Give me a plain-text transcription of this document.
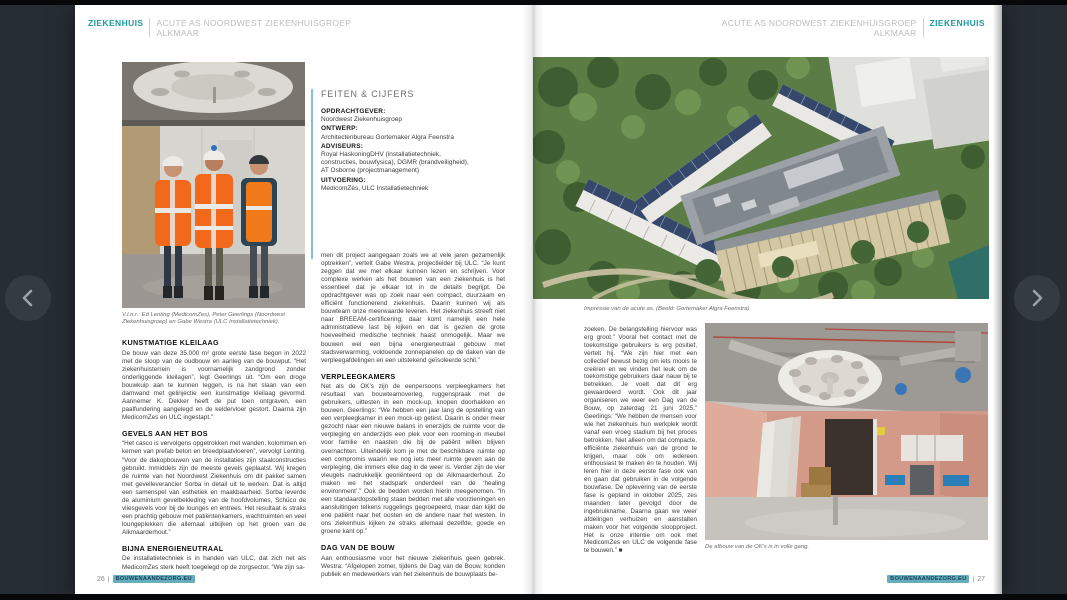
ZIEKENHUIS ACUTE AS NOORDWEST ZIEKENHUISGROEP
ALKMAAR
V.l.n.r.: Ed Lenting (MedicomZes), Peter Geerlings (Noordwest Ziekenhuisgroep) en Gabe Westra (ULC Installatietechniek).
FEITEN & CIJFERS
OPDRACHTGEVER:
Noordwest Ziekenhuisgroep
ONTWERP:
Architectenbureau Gortemaker Algra Feenstra
ADVISEURS:
Royal HaskoningDHV (installatietechniek, constructies, bouwfysica), DGMR (brandveiligheid), AT Osborne (projectmanagement)
UITVOERING:
MedicomZes, ULC Installatietechniek
KUNSTMATIGE KLEILAAG
De bouw van deze 35.000 m² grote eerste fase begon in 2022 met de sloop van de oudbouw en aanleg van de bouwput. “Het ziekenhuisterrein is voornamelijk zandgrond zonder onderliggende kleilagen”, legt Geerlings uit. “Om een droge bouwkuip aan te kunnen leggen, is na het slaan van een damwand met gelinjectie een kunstmatige kleilaag gevormd. Aannemer K. Dekker heeft de put toen ontgraven, een paalfundering aangelegd en de keldervloer gestort. Daarna zijn MedicomZes en ULC ingestapt.”
GEVELS AAN HET BOS
“Het casco is vervolgens opgetrokken met wanden, kolommen en kernen van prefab beton en breedplaatvloeren”, vervolgt Lenting. “Voor de dakopbouwen van de installaties zijn staalconstructies gebruikt. Inmiddels zijn de meeste gevels geplaatst. Wij kregen de ruimte van het Noordwest Ziekenhuis om dit pakket samen met gevelleverancier Sorba in detail uit te werken. Dat is altijd een samenspel van esthetiek en maakbaarheid. Sorba leverde de aluminium gevelbekleding van de hoofdvolumes, Schüco de vliesgevels voor bij de lounges en entrees. Het resultaat is straks een prachtig gebouw met patiëntenkamers, wachtruimten en veel loungeplekken die allemaal uitkijken op het groen van de Alkmaarderhout.”
BIJNA ENERGIENEUTRAAL
De installatietechniek is in handen van ULC, dat zich net als MedicomZes sterk heeft toegelegd op de zorgsector. “We zijn sa-
men dit project aangegaan zoals we al vele jaren gezamenlijk optrekken”, vertelt Gabe Westra, projectleider bij ULC. “Je kunt zeggen dat we met elkaar kunnen lezen en schrijven. Voor complexe werken als het bouwen van een ziekenhuis is het essentieel dat je elkaar tot in de details begrijpt. De opdrachtgever was op zoek naar een compact, duurzaam en efficiënt functionerend ziekenhuis. Daarin kunnen wij als bouwteam onze meerwaarde leveren. Het ziekenhuis streeft niet naar BREEAM-certificering; daar komt namelijk een hele administratieve last bij kijken en dat is gezien de grote hoeveelheid medische techniek haast onmogelijk. Maar we bouwen wel een bijna energieneutraal gebouw met stadsverwarming, voldoende zonnepanelen op de daken van de verpleegafdelingen en een uitstekend geïsoleerde schil.”
VERPLEEGKAMERS
Net als de OK’s zijn de eenpersoons verpleegkamers het resultaat van bouwteamoverleg, ruggenspraak met de gebruikers, uittesten in een mock-up, knopen doorhakken en bouwen. Geerlings: “We hebben een jaar lang de opstelling van een verpleegkamer in een mock-up getest. Daarin is onder meer gezocht naar een nieuwe balans in enerzijds de ruimte voor de verpleging en anderzijds een plek voor een rooming-in meubel voor familie en naasten die bij de patiënt willen blijven overnachten. Uiteindelijk kom je met de beschikbare ruimte op een compromis waarin we nog iets meer ruimte geven aan de verpleging, die immers elke dag in de weer is. Verder zijn de vier vleugels nadrukkelijk georiënteerd op de Alkmaarderhout. Zo maken we het stadspark onderdeel van de ‘healing environment’.” Ook de bedden worden hierin meegenomen. “In een standaardopstelling staan bedden met alle voorzieningen en aansluitingen telkens ruggelings gegroepeerd, maar dan kijkt de ene patiënt naar het oosten en de andere naar het westen. In ons ziekenhuis kijken ze straks allemaal dezelfde, goede en groene kant op.”
DAG VAN DE BOUW
Aan enthousiasme voor het nieuwe ziekenhuis geen gebrek. Westra: “Afgelopen zomer, tijdens de Dag van de Bouw, konden publiek en medewerkers van het ziekenhuis de bouwplaats be-
26 |	BOUWENAANDEZORG.EU
ACUTE AS NOORDWEST ZIEKENHUISGROEP
ALKMAAR
ZIEKENHUIS
Impressie van de acute as. (Beeld: Gortemaker Algra Feenstra)
zoeken. De belangstelling hiervoor was erg groot.” Vooral het contact met de toekomstige gebruikers is erg positief, vertelt hij. “We zijn hier met een collectief bewust bezig om iets moois te creëren en we vinden het leuk om de toekomstige gebruikers daar nauw bij te betrekken. Je voelt dat dit erg gewaardeerd wordt. Ook dit jaar organiseren we weer een Dag van de Bouw, op zaterdag 21 juni 2025.” Geerlings: “We hebben de mensen voor wie het ziekenhuis hun werkplek wordt vanaf een vroeg stadium bij het proces betrokken. Niet alleen om dat compacte, efficiënte ziekenhuis van de grond te krijgen, maar ook om iedereen enthousiast te maken én te houden. Wij leren hier in deze eerste fase ook van en gaan dat gebruiken in de volgende bouwfase. De oplevering van de eerste fase is gepland in oktober 2025, zes maanden later gevolgd door de ingebruikname. Daarna gaan we weer afdelingen verhuizen en aanstalten maken voor het volgende sloopproject. Het is onze intentie om ook met MedicomZes en ULC de volgende fase te bouwen.” ■
De afbouw van de OK’s is in volle gang.
BOUWENAANDEZORG.EU | 27
